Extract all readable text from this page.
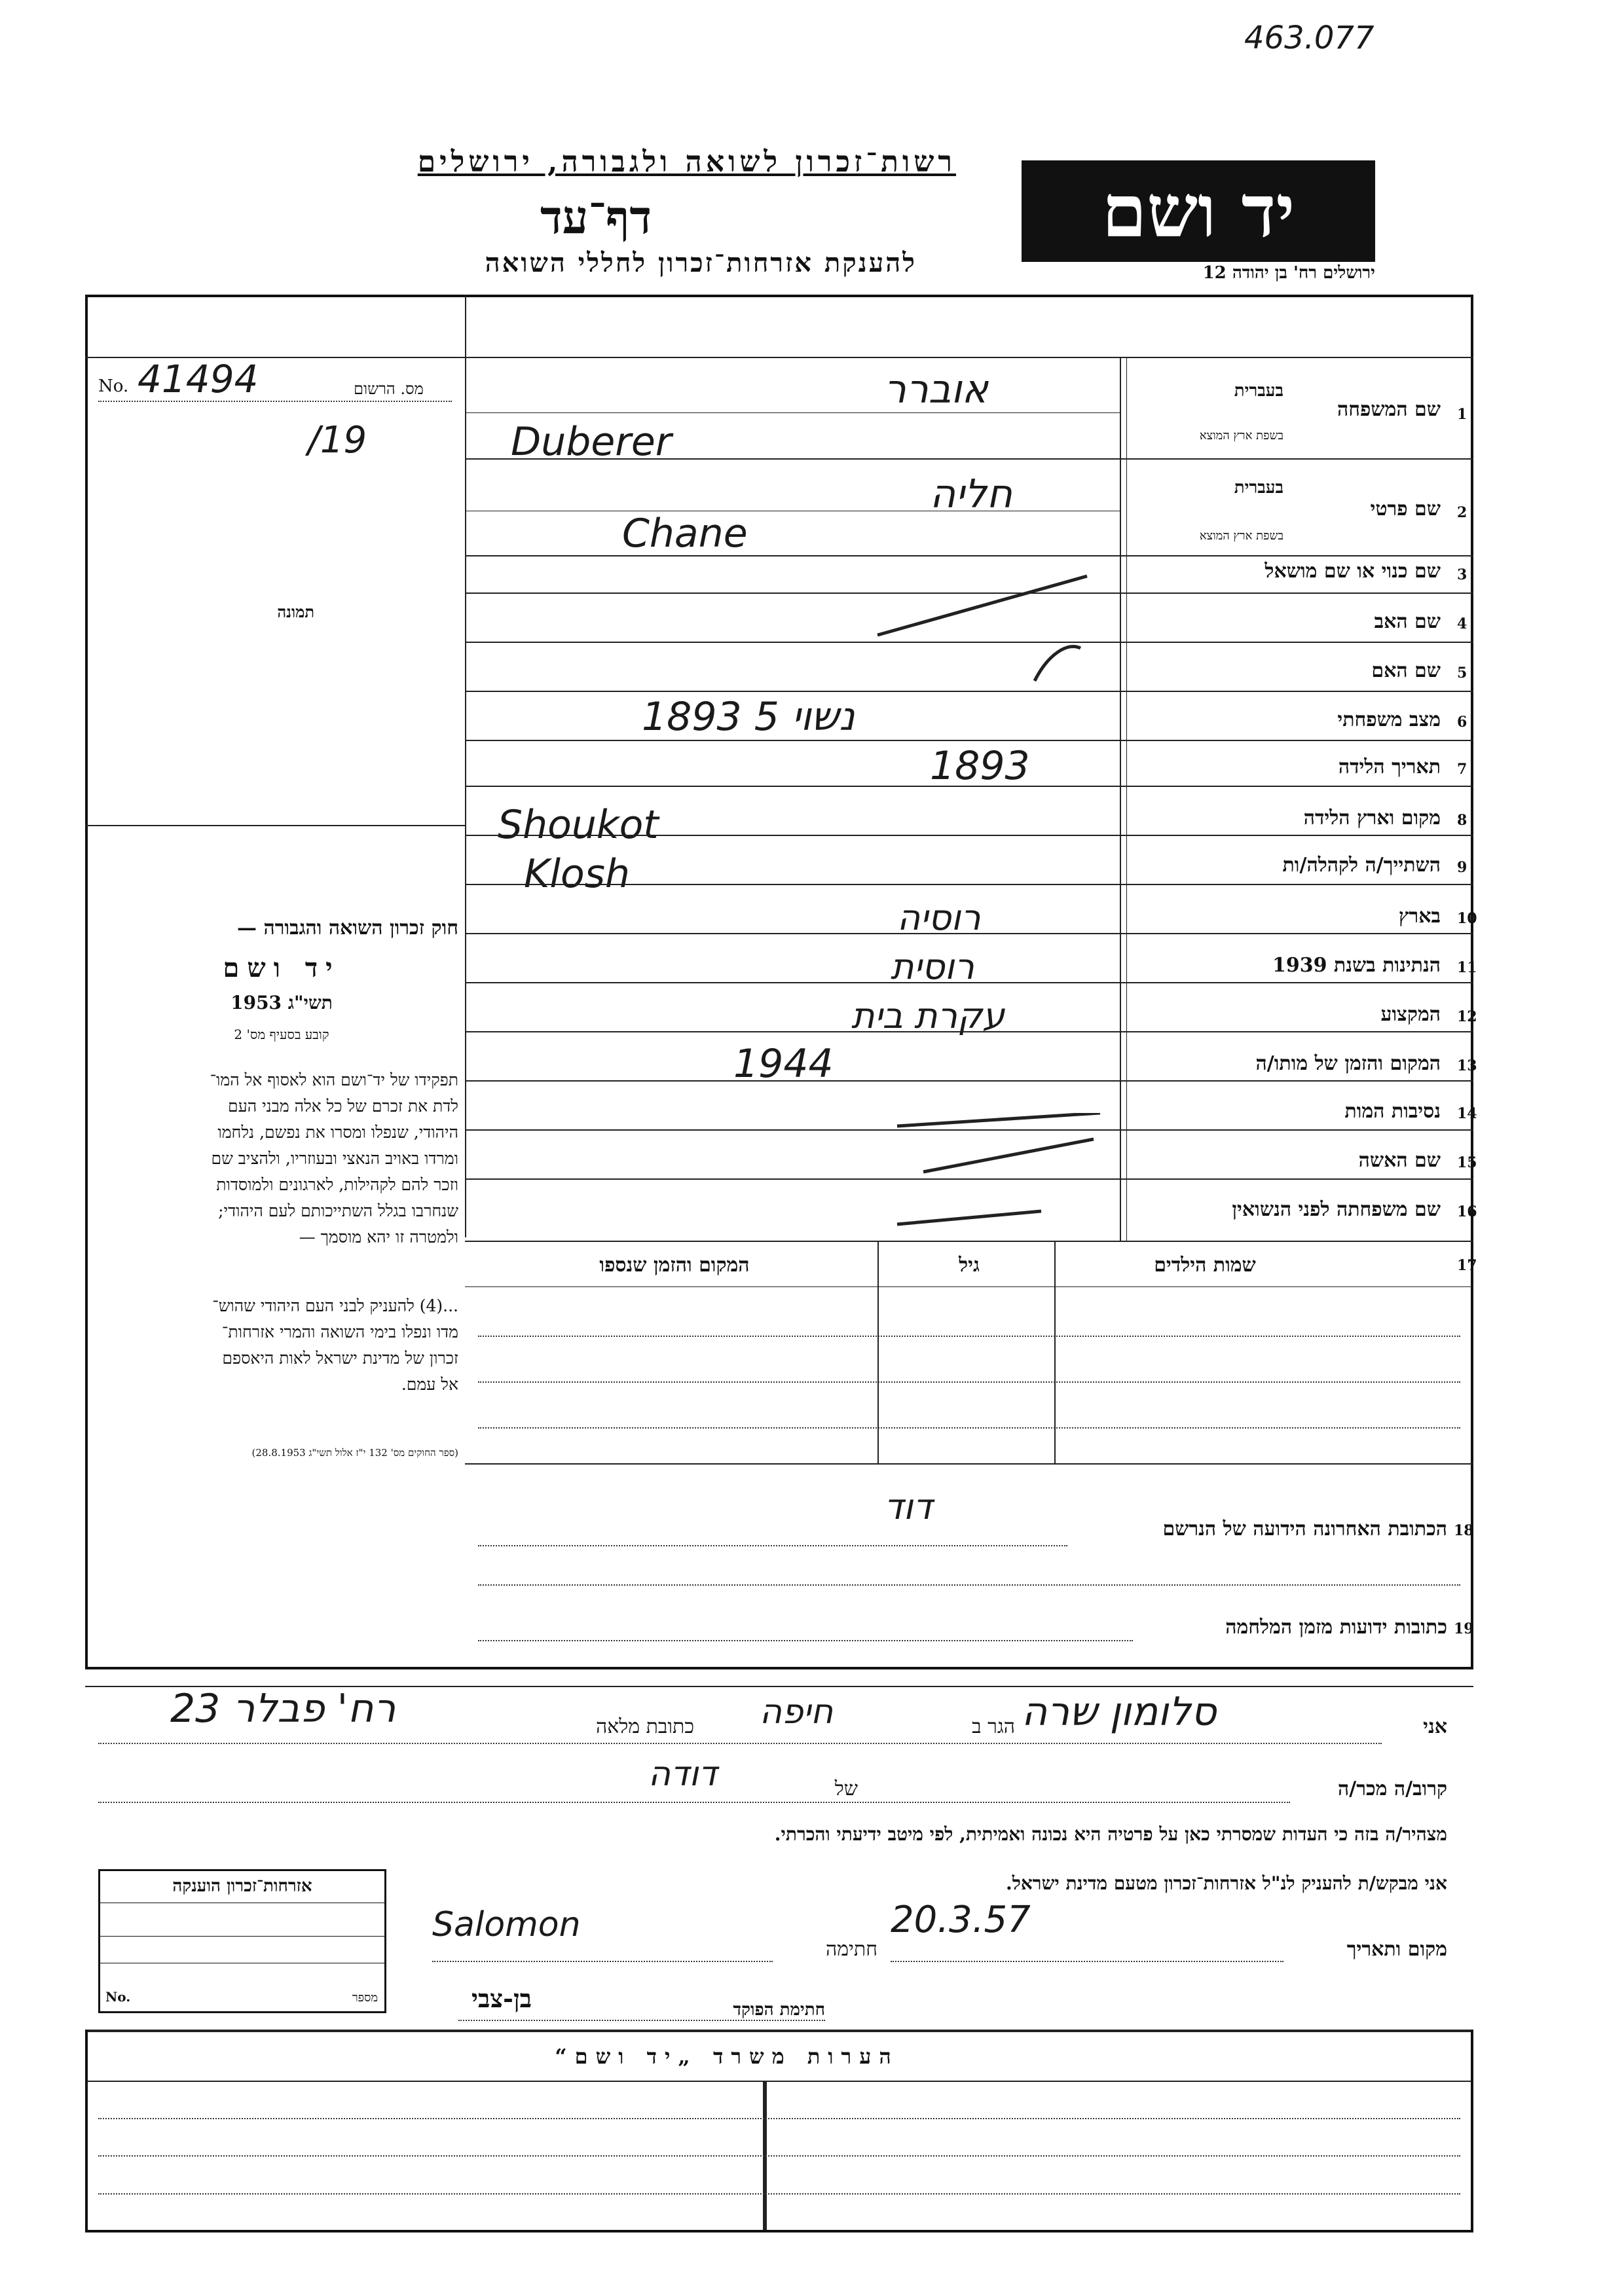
463.077
רשות־זכרון לשואה ולגבורה, ירושלים
דף־עד
להענקת אזרחות־זכרון לחללי השואה
יד ושם
ירושלים רח' בן יהודה 12
No. 41494	מס. הרשום
/19
תמונה
1
שם המשפחה
בעברית
בשפת ארץ המוצא
אוברר
Duberer
2
שם פרטי
בעברית
בשפת ארץ המוצא
חליה
Chane
3
שם כנוי או שם מושאל
4
שם האב
5
שם האם
6
מצב משפחתי
נשוי 5 1893
7
תאריך הלידה
1893
8
מקום וארץ הלידה
Shoukot
9
השתייך/ה לקהלה/ות
Klosh
10
בארץ
רוסיה
11
הנתינות בשנת 1939
רוסית
12
המקצוע
עקרת בית
13
המקום והזמן של מותו/ה
1944
14
נסיבות המות
15
שם האשה
16
שם משפחתה לפני הנשואין
חוק זכרון השואה והגבורה —
יד ושם
תשי"ג 1953
קובע בסעיף מס' 2
תפקידו של יד־ושם הוא לאסוף אל המו־
לדת את זכרם של כל אלה מבני העם
היהודי, שנפלו ומסרו את נפשם, נלחמו
ומרדו באויב הנאצי ובעוזריו, ולהציב שם
וזכר להם לקהילות, לארגונים ולמוסדות
שנחרבו בגלל השתייכותם לעם היהודי;
ולמטרה זו יהא מוסמך —
...(4) להעניק לבני העם היהודי שהוש־
מדו ונפלו בימי השואה והמרי אזרחות־
זכרון של מדינת ישראל לאות היאספם
אל עמם.
(ספר החוקים מס' 132 י"ז אלול תשי"ג 28.8.1953)
17
שמות הילדים
גיל
המקום והזמן שנספו
18
הכתובת האחרונה הידועה של הנרשם
דוד
19
כתובות ידועות מזמן המלחמה
אני
סלומון שרה
הגר ב
חיפה
כתובת מלאה
רח' פבלר 23
קרוב/ה מכר/ה
של
דודה
מצהיר/ה בזה כי העדות שמסרתי כאן על פרטיה היא נכונה ואמיתית, לפי מיטב ידיעתי והכרתי.
אני מבקש/ת להעניק לנ"ל אזרחות־זכרון מטעם מדינת ישראל.
מקום ותאריך
20.3.57
חתימה
Salomon
חתימת הפוקד
בן-צבי
אזרחות־זכרון הוענקה
No.	מספר
הערות משרד „יד ושם“
